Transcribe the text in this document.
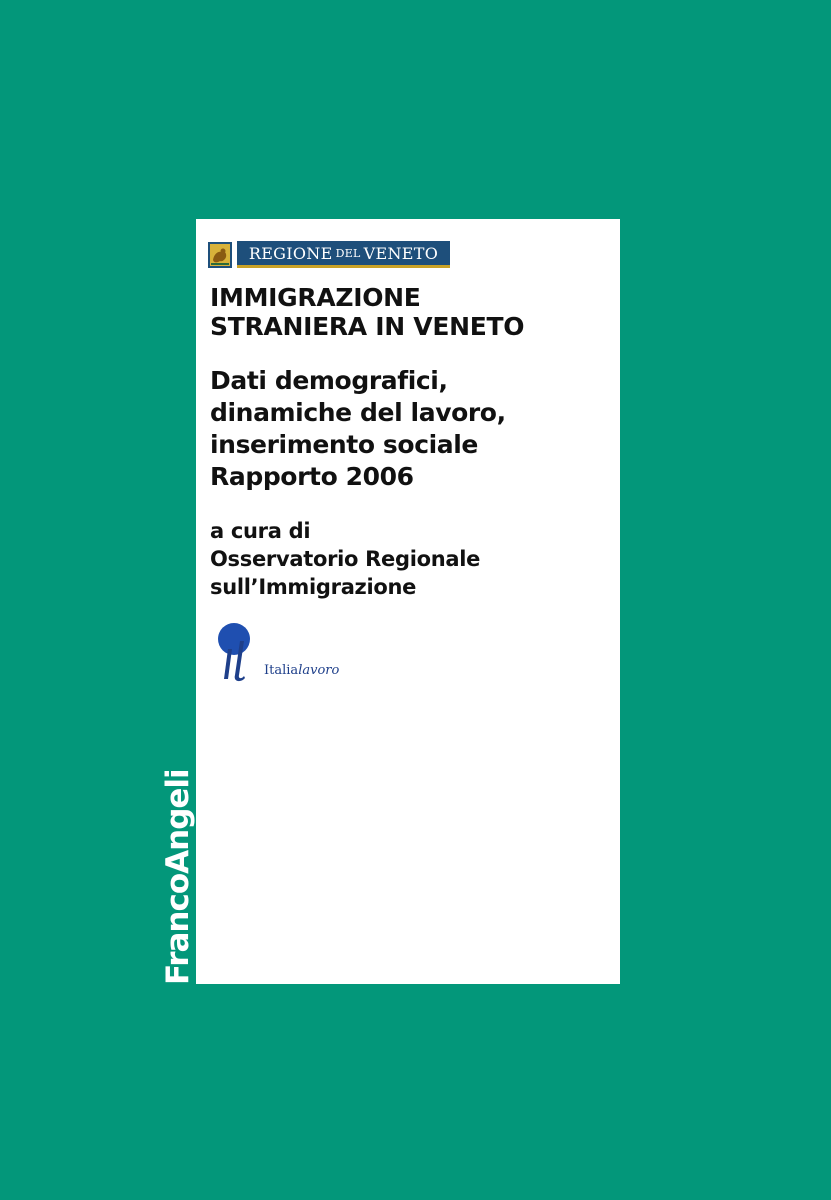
REGIONE DEL VENETO
IMMIGRAZIONE
STRANIERA IN VENETO
Dati demografici,
dinamiche del lavoro,
inserimento sociale
Rapporto 2006

a cura di
Osservatorio Regionale
sull’Immigrazione

Italialavoro
FrancoAngeli
